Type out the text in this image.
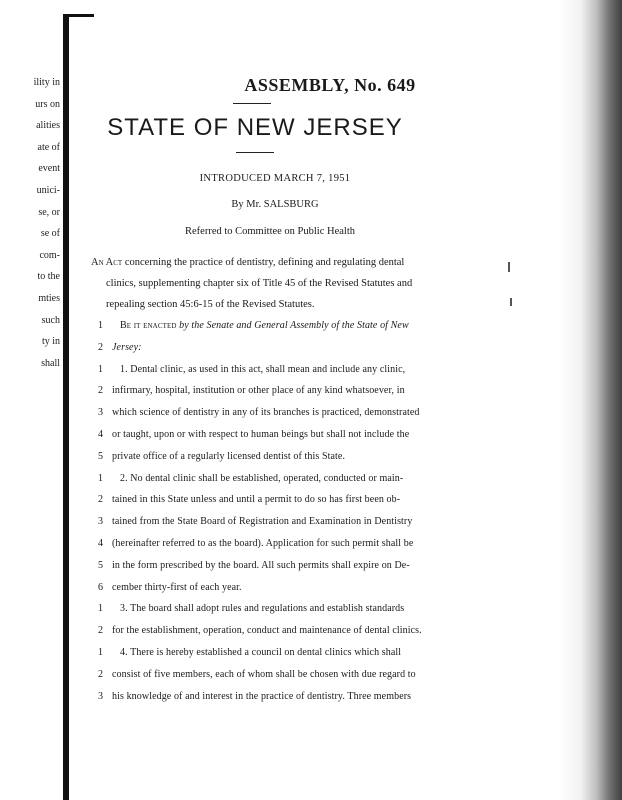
ility in
urs on
alities
ate of
event
unici-
se, or
se of
com-
to the
mties
such
ty in
shall
ASSEMBLY, No. 649
STATE OF NEW JERSEY
INTRODUCED MARCH 7, 1951
By Mr. SALSBURG
Referred to Committee on Public Health
An Act concerning the practice of dentistry, defining and regulating dental clinics, supplementing chapter six of Title 45 of the Revised Statutes and repealing section 45:6-15 of the Revised Statutes.
1	Be it enacted by the Senate and General Assembly of the State of New
2 Jersey:
1	1. Dental clinic, as used in this act, shall mean and include any clinic,
2 infirmary, hospital, institution or other place of any kind whatsoever, in
3 which science of dentistry in any of its branches is practiced, demonstrated
4 or taught, upon or with respect to human beings but shall not include the
5 private office of a regularly licensed dentist of this State.
1	2. No dental clinic shall be established, operated, conducted or main-
2 tained in this State unless and until a permit to do so has first been ob-
3 tained from the State Board of Registration and Examination in Dentistry
4 (hereinafter referred to as the board). Application for such permit shall be
5 in the form prescribed by the board. All such permits shall expire on De-
6 cember thirty-first of each year.
1	3. The board shall adopt rules and regulations and establish standards
2 for the establishment, operation, conduct and maintenance of dental clinics.
1	4. There is hereby established a council on dental clinics which shall
2 consist of five members, each of whom shall be chosen with due regard to
3 his knowledge of and interest in the practice of dentistry. Three members
